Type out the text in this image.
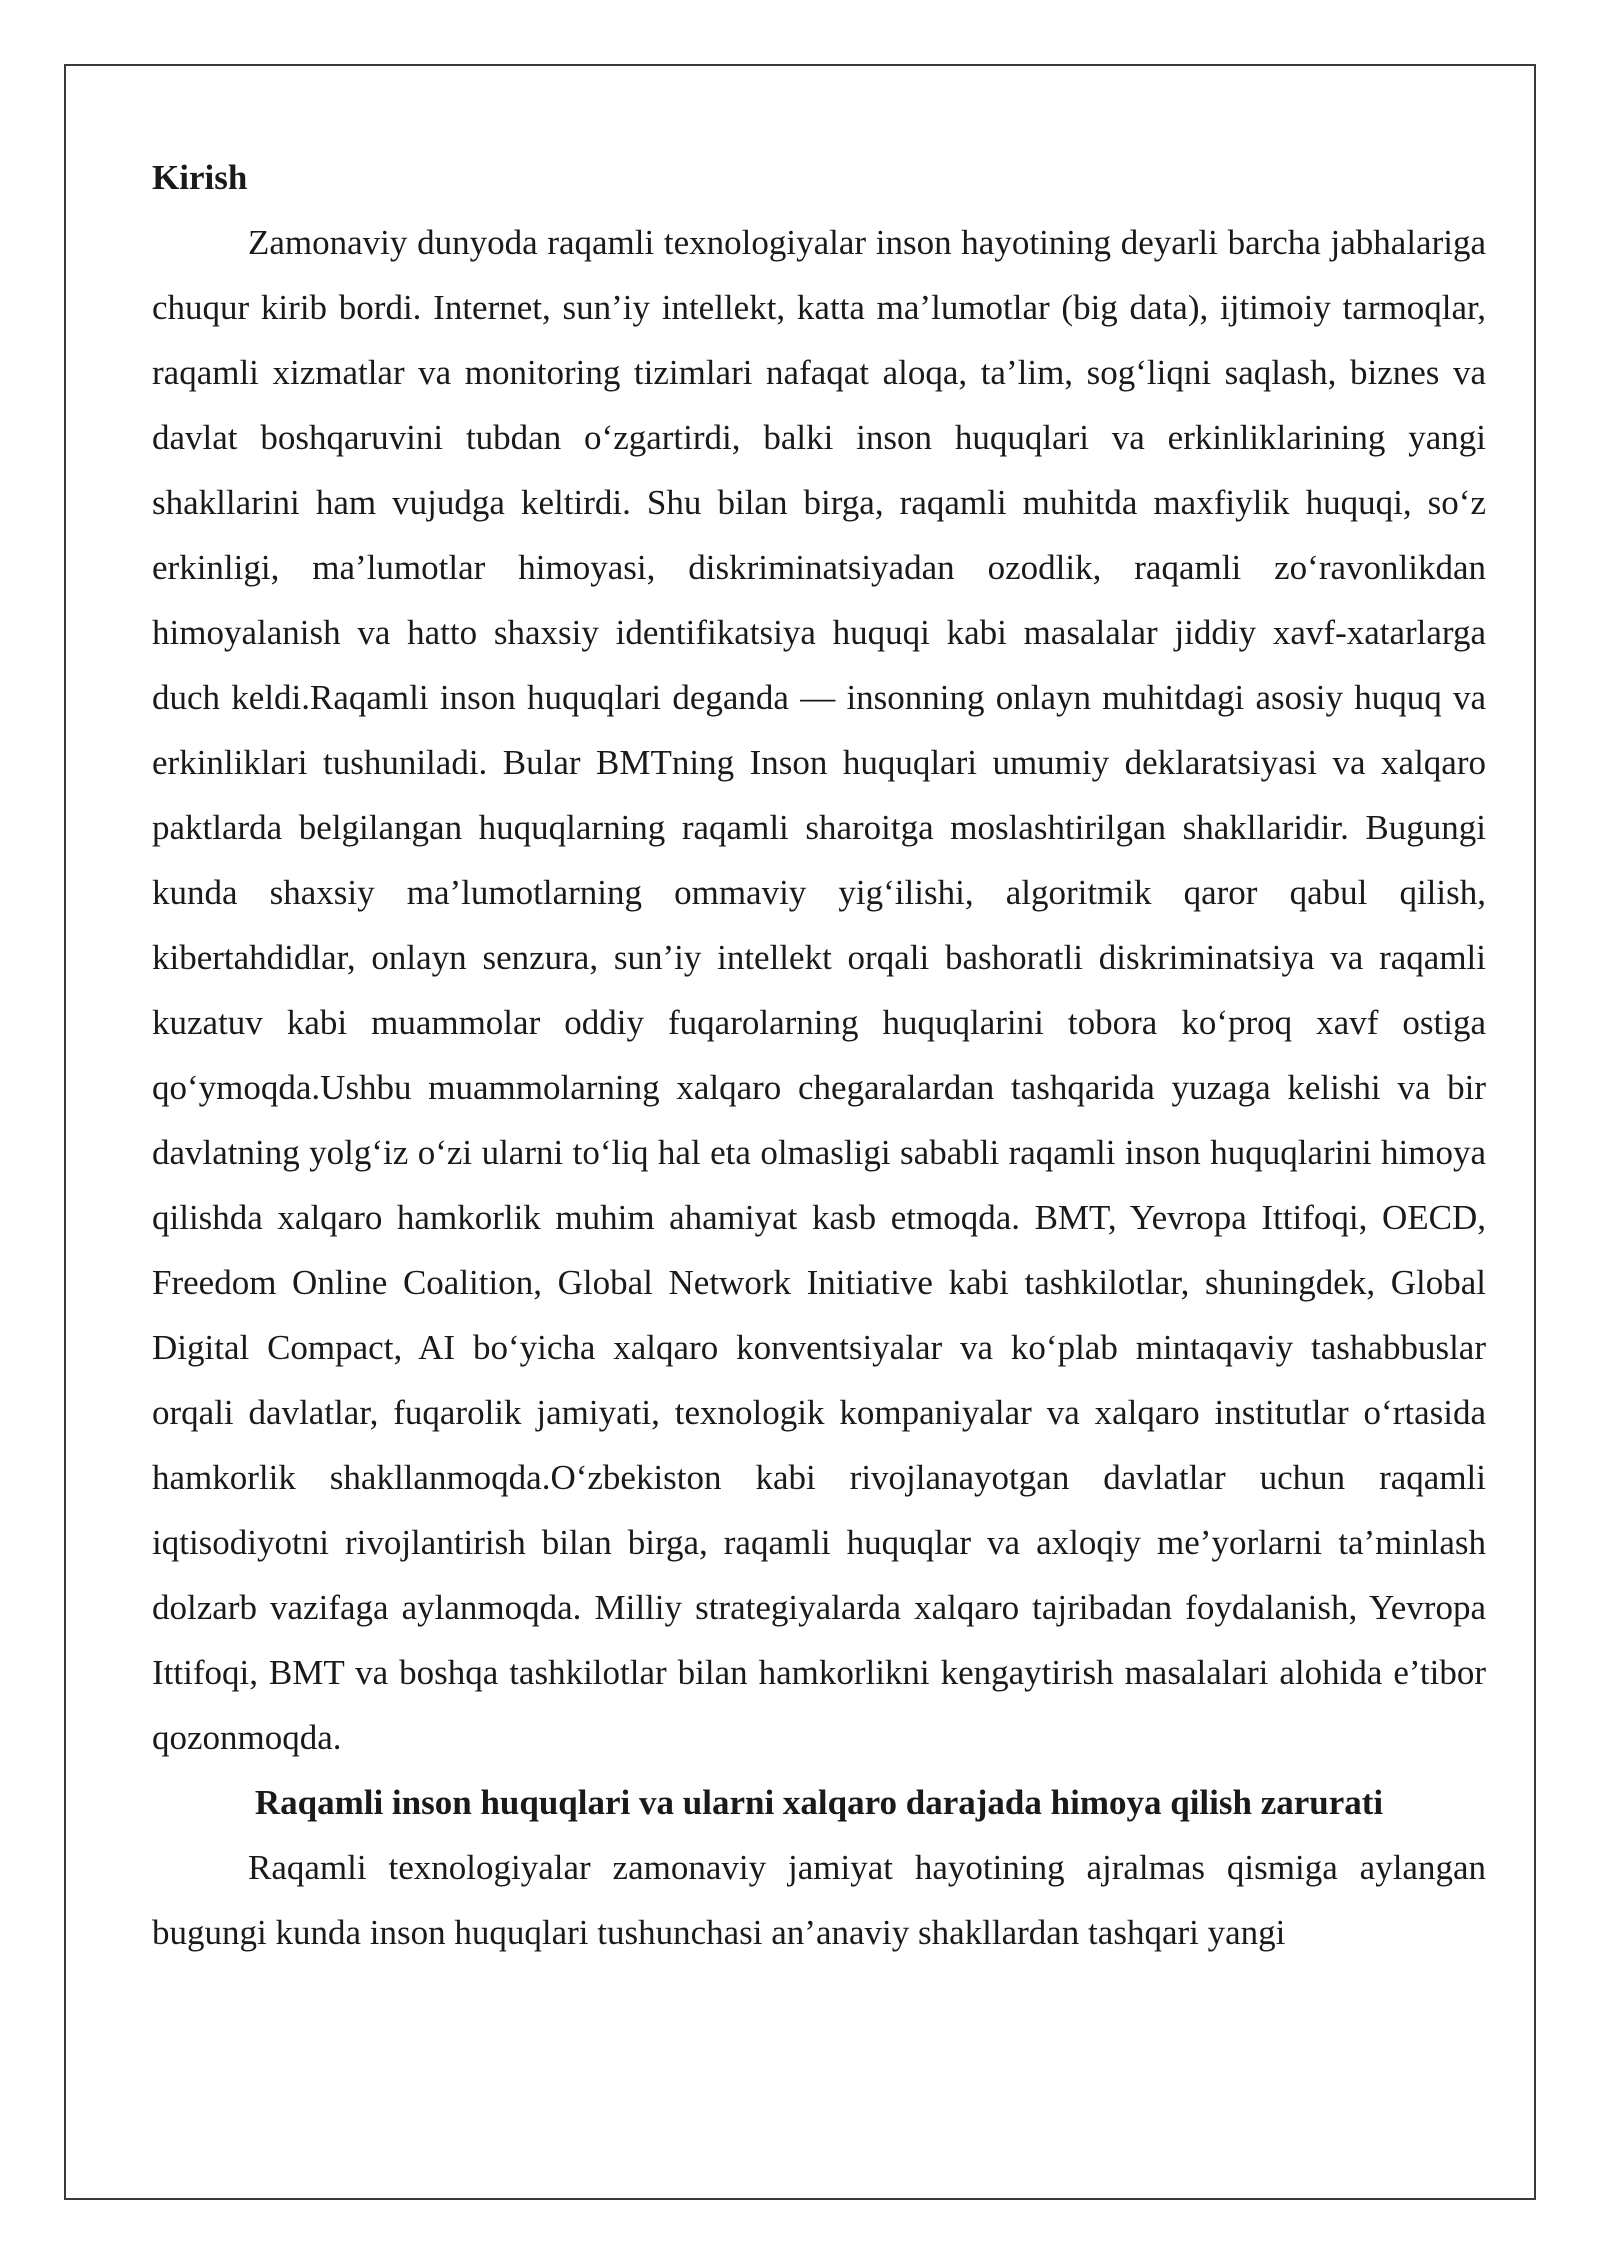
Kirish

Zamonaviy dunyoda raqamli texnologiyalar inson hayotining deyarli barcha jabhalariga chuqur kirib bordi. Internet, sun’iy intellekt, katta ma’lumotlar (big data), ijtimoiy tarmoqlar, raqamli xizmatlar va monitoring tizimlari nafaqat aloqa, ta’lim, sog‘liqni saqlash, biznes va davlat boshqaruvini tubdan o‘zgartirdi, balki inson huquqlari va erkinliklarining yangi shakllarini ham vujudga keltirdi. Shu bilan birga, raqamli muhitda maxfiylik huquqi, so‘z erkinligi, ma’lumotlar himoyasi, diskriminatsiyadan ozodlik, raqamli zo‘ravonlikdan himoyalanish va hatto shaxsiy identifikatsiya huquqi kabi masalalar jiddiy xavf-xatarlarga duch keldi.Raqamli inson huquqlari deganda — insonning onlayn muhitdagi asosiy huquq va erkinliklari tushuniladi. Bular BMTning Inson huquqlari umumiy deklaratsiyasi va xalqaro paktlarda belgilangan huquqlarning raqamli sharoitga moslashtirilgan shakllaridir. Bugungi kunda shaxsiy ma’lumotlarning ommaviy yig‘ilishi, algoritmik qaror qabul qilish, kibertahdidlar, onlayn senzura, sun’iy intellekt orqali bashoratli diskriminatsiya va raqamli kuzatuv kabi muammolar oddiy fuqarolarning huquqlarini tobora ko‘proq xavf ostiga qo‘ymoqda.Ushbu muammolarning xalqaro chegaralardan tashqarida yuzaga kelishi va bir davlatning yolg‘iz o‘zi ularni to‘liq hal eta olmasligi sababli raqamli inson huquqlarini himoya qilishda xalqaro hamkorlik muhim ahamiyat kasb etmoqda. BMT, Yevropa Ittifoqi, OECD, Freedom Online Coalition, Global Network Initiative kabi tashkilotlar, shuningdek, Global Digital Compact, AI bo‘yicha xalqaro konventsiyalar va ko‘plab mintaqaviy tashabbuslar orqali davlatlar, fuqarolik jamiyati, texnologik kompaniyalar va xalqaro institutlar o‘rtasida hamkorlik shakllanmoqda.O‘zbekiston kabi rivojlanayotgan davlatlar uchun raqamli iqtisodiyotni rivojlantirish bilan birga, raqamli huquqlar va axloqiy me’yorlarni ta’minlash dolzarb vazifaga aylanmoqda. Milliy strategiyalarda xalqaro tajribadan foydalanish, Yevropa Ittifoqi, BMT va boshqa tashkilotlar bilan hamkorlikni kengaytirish masalalari alohida e’tibor qozonmoqda.

Raqamli inson huquqlari va ularni xalqaro darajada himoya qilish zarurati

Raqamli texnologiyalar zamonaviy jamiyat hayotining ajralmas qismiga aylangan bugungi kunda inson huquqlari tushunchasi an’anaviy shakllardan tashqari yangi
